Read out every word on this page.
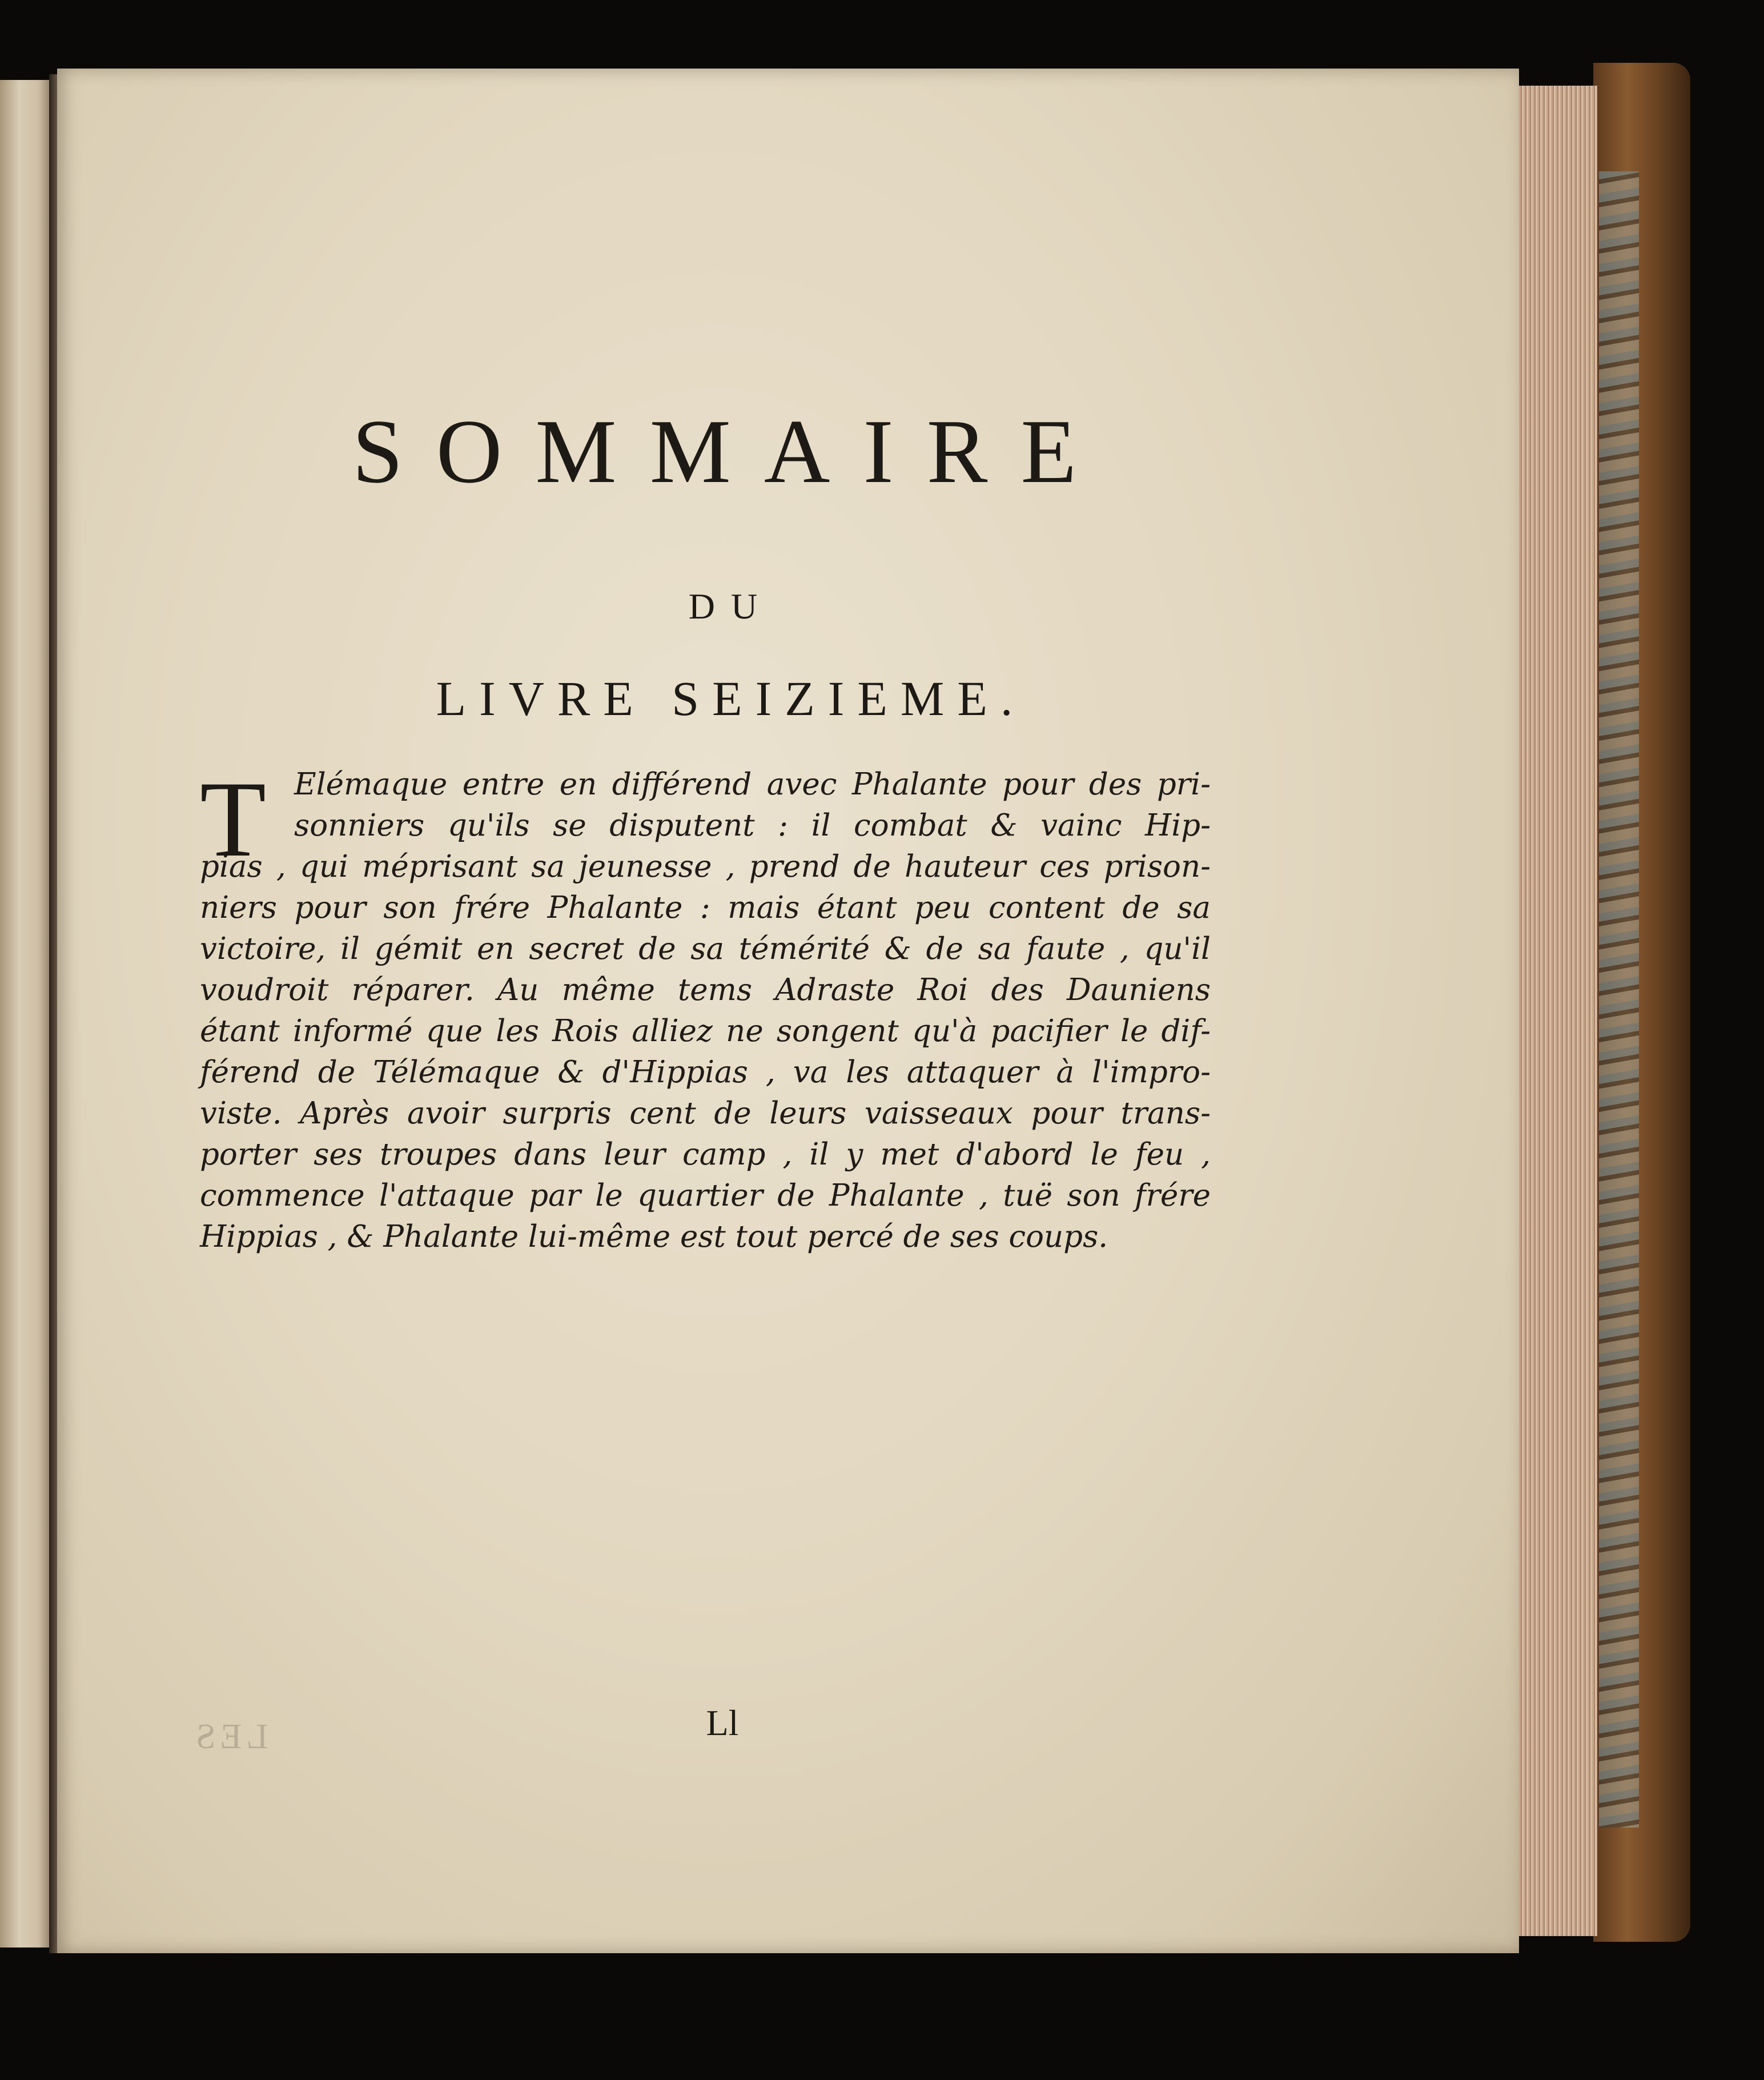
SOMMAIRE
DU
LIVRE SEIZIEME.
T Elémaque entre en différend avec Phalante pour des pri-
sonniers qu'ils se disputent : il combat & vainc Hip-
pias , qui méprisant sa jeunesse , prend de hauteur ces prison-
niers pour son frére Phalante : mais étant peu content de sa
victoire, il gémit en secret de sa témérité & de sa faute , qu'il
voudroit réparer. Au même tems Adraste Roi des Dauniens
étant informé que les Rois alliez ne songent qu'à pacifier le dif-
férend de Télémaque & d'Hippias , va les attaquer à l'impro-
viste. Après avoir surpris cent de leurs vaisseaux pour trans-
porter ses troupes dans leur camp , il y met d'abord le feu ,
commence l'attaque par le quartier de Phalante , tuë son frére
Hippias , & Phalante lui-même est tout percé de ses coups.
LES	Ll
